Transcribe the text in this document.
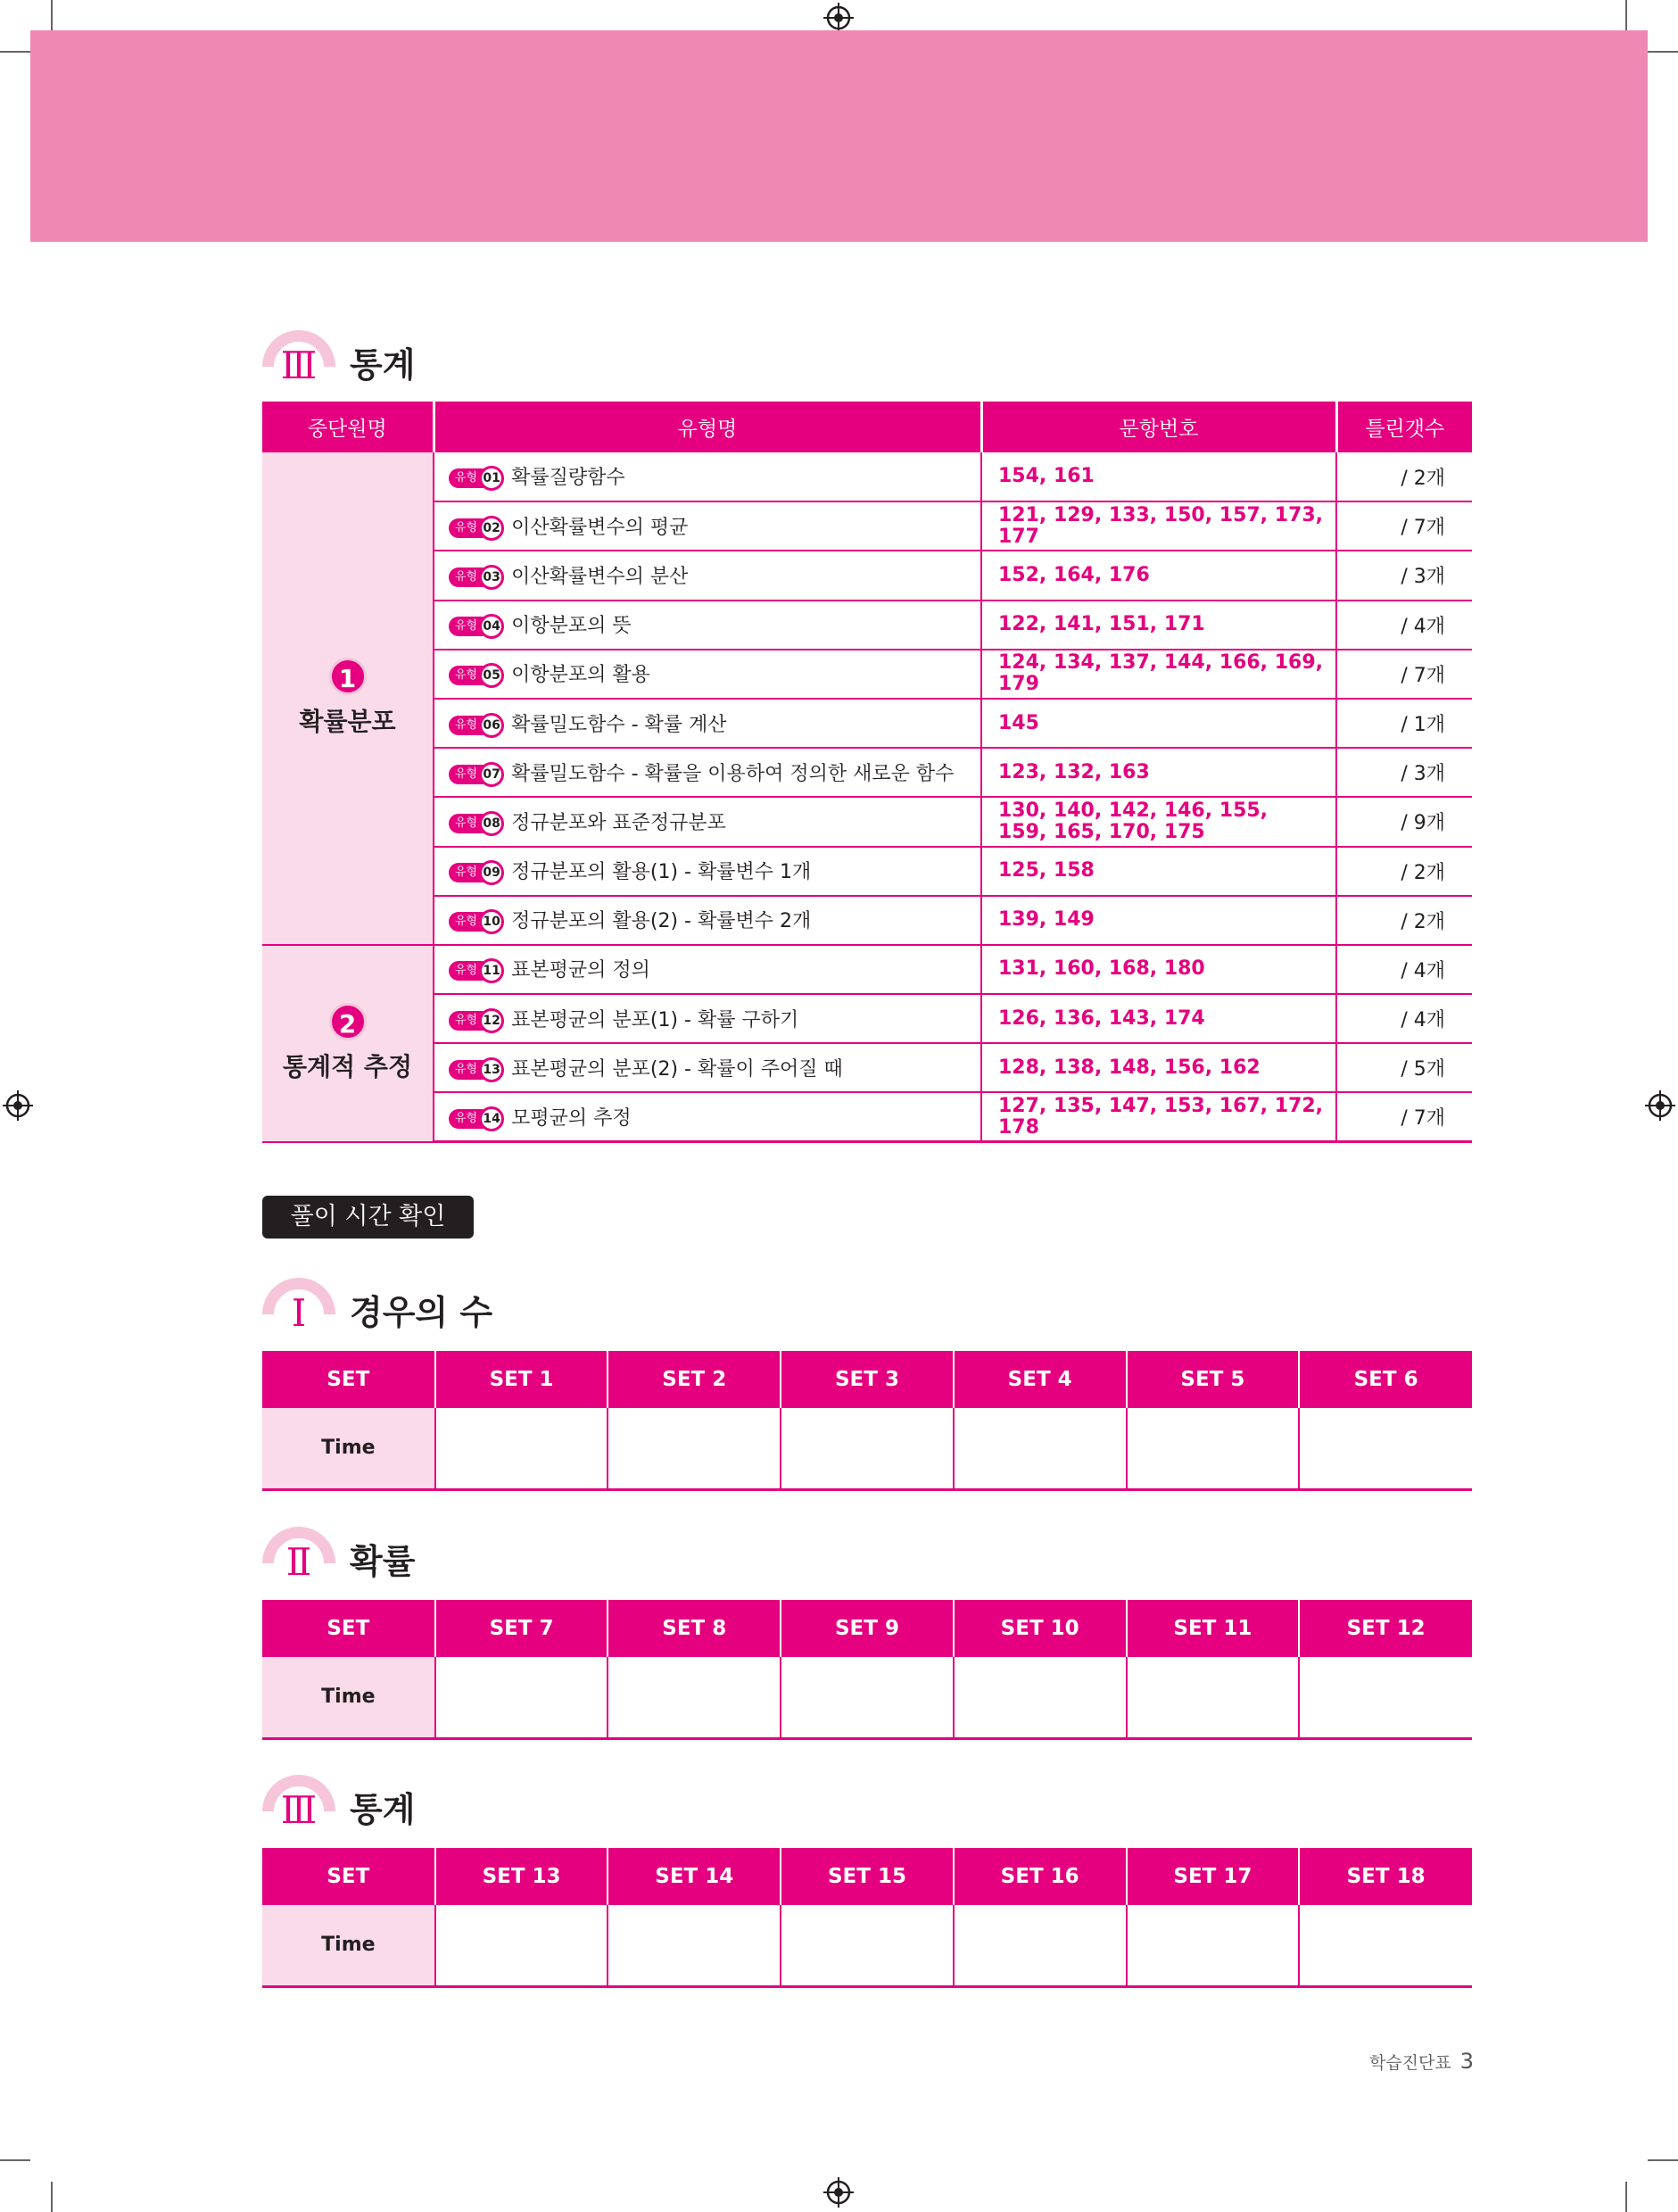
Ⅲ 통계
중단원명	유형명	문항번호	틀린갯수
1
확률분포	유형 01 확률질량함수	154, 161	/ 2개

	유형 02 이산확률변수의 평균	121, 129, 133, 150, 157, 173, 177	/ 7개

	유형 03 이산확률변수의 분산	152, 164, 176	/ 3개

	유형 04 이항분포의 뜻	122, 141, 151, 171	/ 4개

	유형 05 이항분포의 활용	124, 134, 137, 144, 166, 169, 179	/ 7개

	유형 06 확률밀도함수 - 확률 계산	145	/ 1개

	유형 07 확률밀도함수 - 확률을 이용하여 정의한 새로운 함수	123, 132, 163	/ 3개

	유형 08 정규분포와 표준정규분포	130, 140, 142, 146, 155, 159, 165, 170, 175	/ 9개

	유형 09 정규분포의 활용(1) - 확률변수 1개	125, 158	/ 2개

	유형 10 정규분포의 활용(2) - 확률변수 2개	139, 149	/ 2개
2
통계적 추정	유형 11 표본평균의 정의	131, 160, 168, 180	/ 4개

	유형 12 표본평균의 분포(1) - 확률 구하기	126, 136, 143, 174	/ 4개

	유형 13 표본평균의 분포(2) - 확률이 주어질 때	128, 138, 148, 156, 162	/ 5개

	유형 14 모평균의 추정	127, 135, 147, 153, 167, 172, 178	/ 7개
풀이 시간 확인
Ⅰ	경우의 수
SET	SET 1	SET 2	SET 3	SET 4	SET 5	SET 6
Time						
Ⅱ	확률
SET	SET 7	SET 8	SET 9	SET 10	SET 11	SET 12
Time						
Ⅲ 통계
SET	SET 13	SET 14	SET 15	SET 16	SET 17	SET 18
Time						
학습진단표 3
